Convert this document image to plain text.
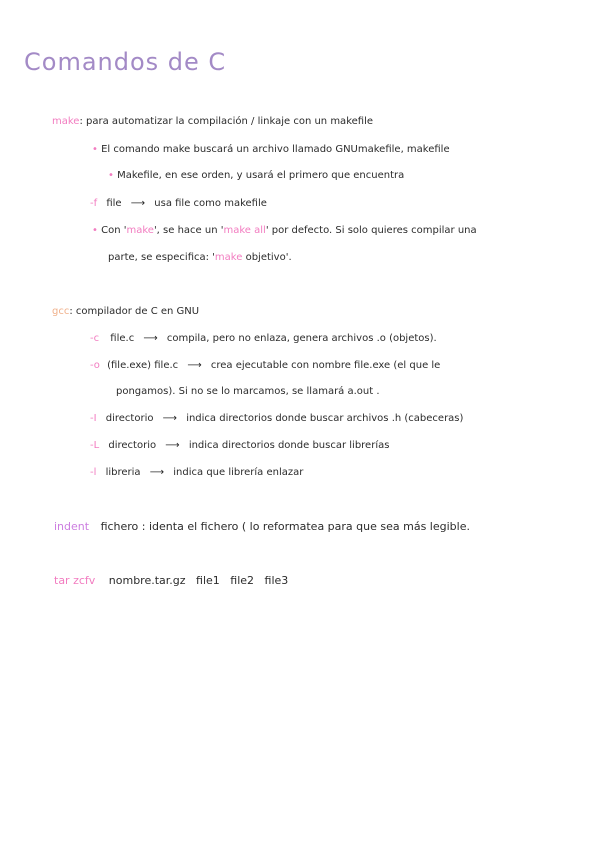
Comandos de C
make: para automatizar la compilación / linkaje con un makefile
• El comando make buscará un archivo llamado GNUmakefile, makefile
• Makefile, en ese orden, y usará el primero que encuentra
-f file ⟶ usa file como makefile
• Con 'make', se hace un 'make all' por defecto. Si solo quieres compilar una
parte, se especifica: 'make objetivo'.
gcc: compilador de C en GNU
-c file.c ⟶ compila, pero no enlaza, genera archivos .o (objetos).
-o (file.exe) file.c ⟶ crea ejecutable con nombre file.exe (el que le
pongamos). Si no se lo marcamos, se llamará a.out .
-I directorio ⟶ indica directorios donde buscar archivos .h (cabeceras)
-L directorio ⟶ indica directorios donde buscar librerías
-l libreria ⟶ indica que librería enlazar
indent fichero : identa el fichero ( lo reformatea para que sea más legible.
tar zcfv nombre.tar.gz   file1   file2   file3
